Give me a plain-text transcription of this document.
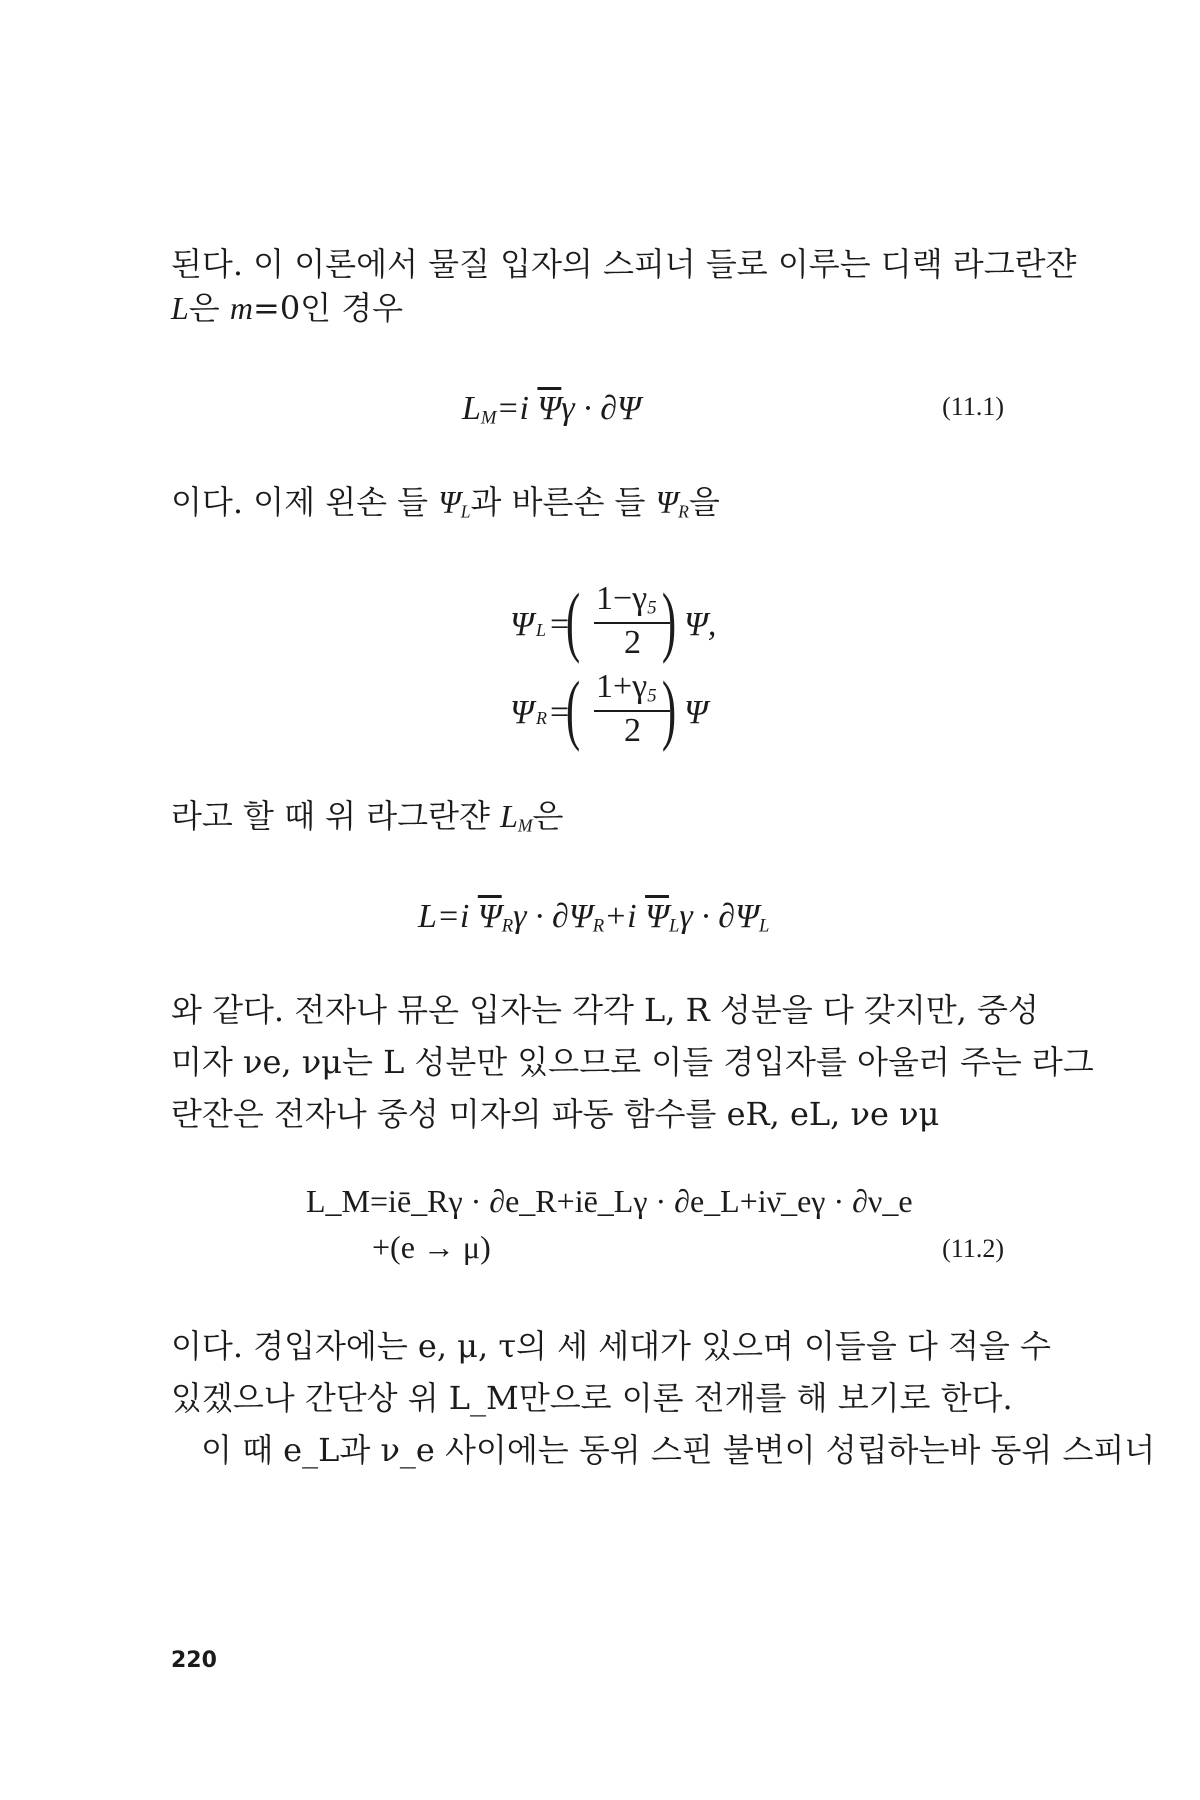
된다. 이 이론에서 물질 입자의 스피너 들로 이루는 디랙 라그란쟌
L은 m=0인 경우
$L_M=i$ $\overline{\Psi}\gamma \cdot \partial\Psi$	(11.1)
이다. 이제 왼손 들 $\Psi_L$과 바른손 들 $\Psi_R$을
Ψ L =
( $1-\gamma_5$
2 ) Ψ,
Ψ R =
( $1+\gamma_5$
2 ) Ψ
라고 할 때 위 라그란쟌 $L_M$은
L=i $\overline{\Psi}_R\gamma \cdot \partial\Psi_R+i$ $\overline{\Psi}_L\gamma \cdot \partial\Psi_L$
와 같다. 전자나 뮤온 입자는 각각 L, R 성분을 다 갖지만, 중성
미자 νe, νμ는 L 성분만 있으므로 이들 경입자를 아울러 주는 라그
란잔은 전자나 중성 미자의 파동 함수를 eR, eL, νe νμ
L_M=iē_Rγ · ∂e_R+iē_Lγ · ∂e_L+iν̄_eγ · ∂ν_e
+(e → μ)	(11.2)
이다. 경입자에는 e, μ, τ의 세 세대가 있으며 이들을 다 적을 수
있겠으나 간단상 위 L_M만으로 이론 전개를 해 보기로 한다.
이 때 e_L과 ν_e 사이에는 동위 스핀 불변이 성립하는바 동위 스피너
220
